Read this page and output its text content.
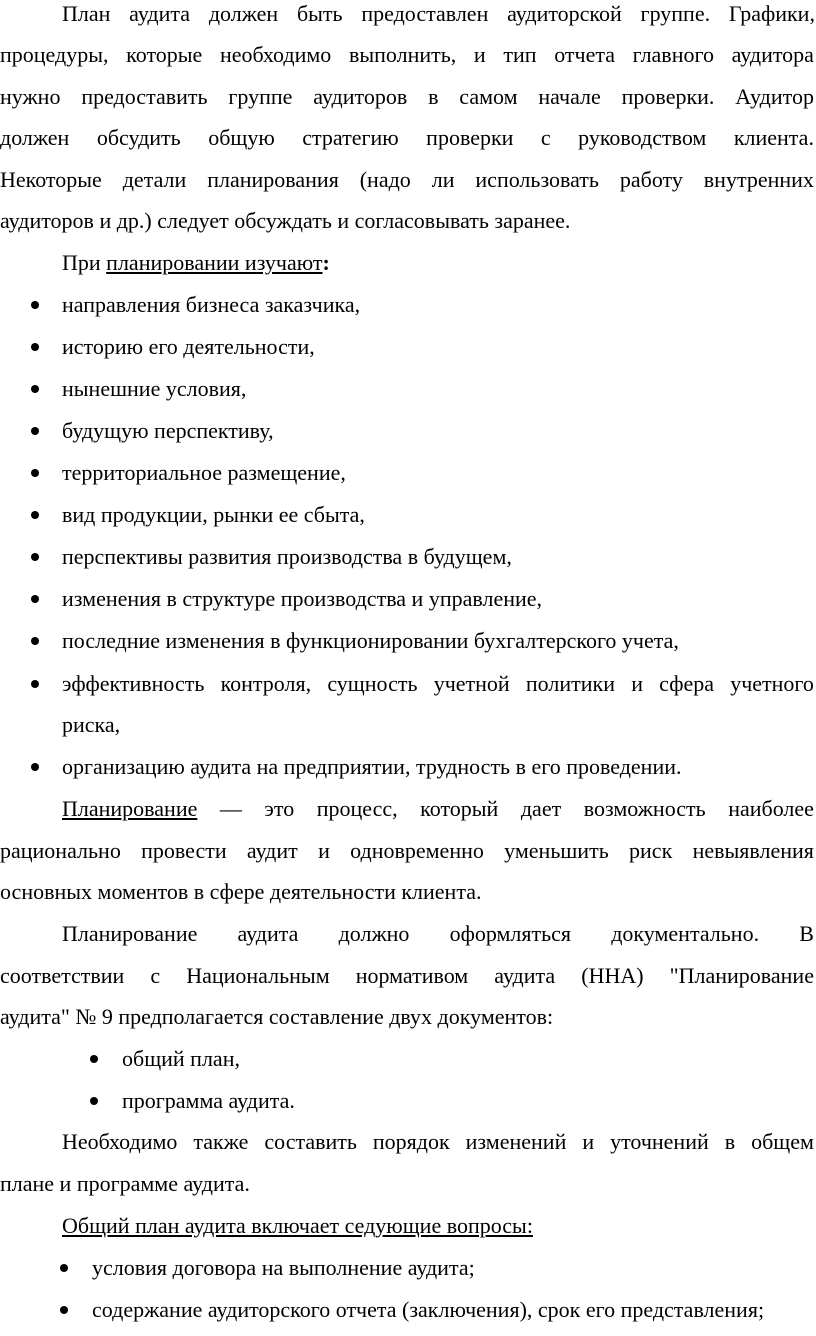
План аудита должен быть предоставлен аудиторской группе. Графики,
процедуры, которые необходимо выполнить, и тип отчета главного аудитора
нужно предоставить группе аудиторов в самом начале проверки. Аудитор
должен обсудить общую стратегию проверки с руководством клиента.
Некоторые детали планирования (надо ли использовать работу внутренних
аудиторов и др.) следует обсуждать и согласовывать заранее.
При планировании изучают:
направления бизнеса заказчика,
историю его деятельности,
нынешние условия,
будущую перспективу,
территориальное размещение,
вид продукции, рынки ее сбыта,
перспективы развития производства в будущем,
изменения в структуре производства и управление,
последние изменения в функционировании бухгалтерского учета,
эффективность контроля, сущность учетной политики и сфера учетного
риска,
организацию аудита на предприятии, трудность в его проведении.
Планирование — это процесс, который дает возможность наиболее
рационально провести аудит и одновременно уменьшить риск невыявления
основных моментов в сфере деятельности клиента.
Планирование аудита должно оформляться документально. В
соответствии с Национальным нормативом аудита (ННА) "Планирование
аудита" № 9 предполагается составление двух документов:
общий план,
программа аудита.
Необходимо также составить порядок изменений и уточнений в общем
плане и программе аудита.
Общий план аудита включает седующие вопросы:
условия договора на выполнение аудита;
содержание аудиторского отчета (заключения), срок его представления;
